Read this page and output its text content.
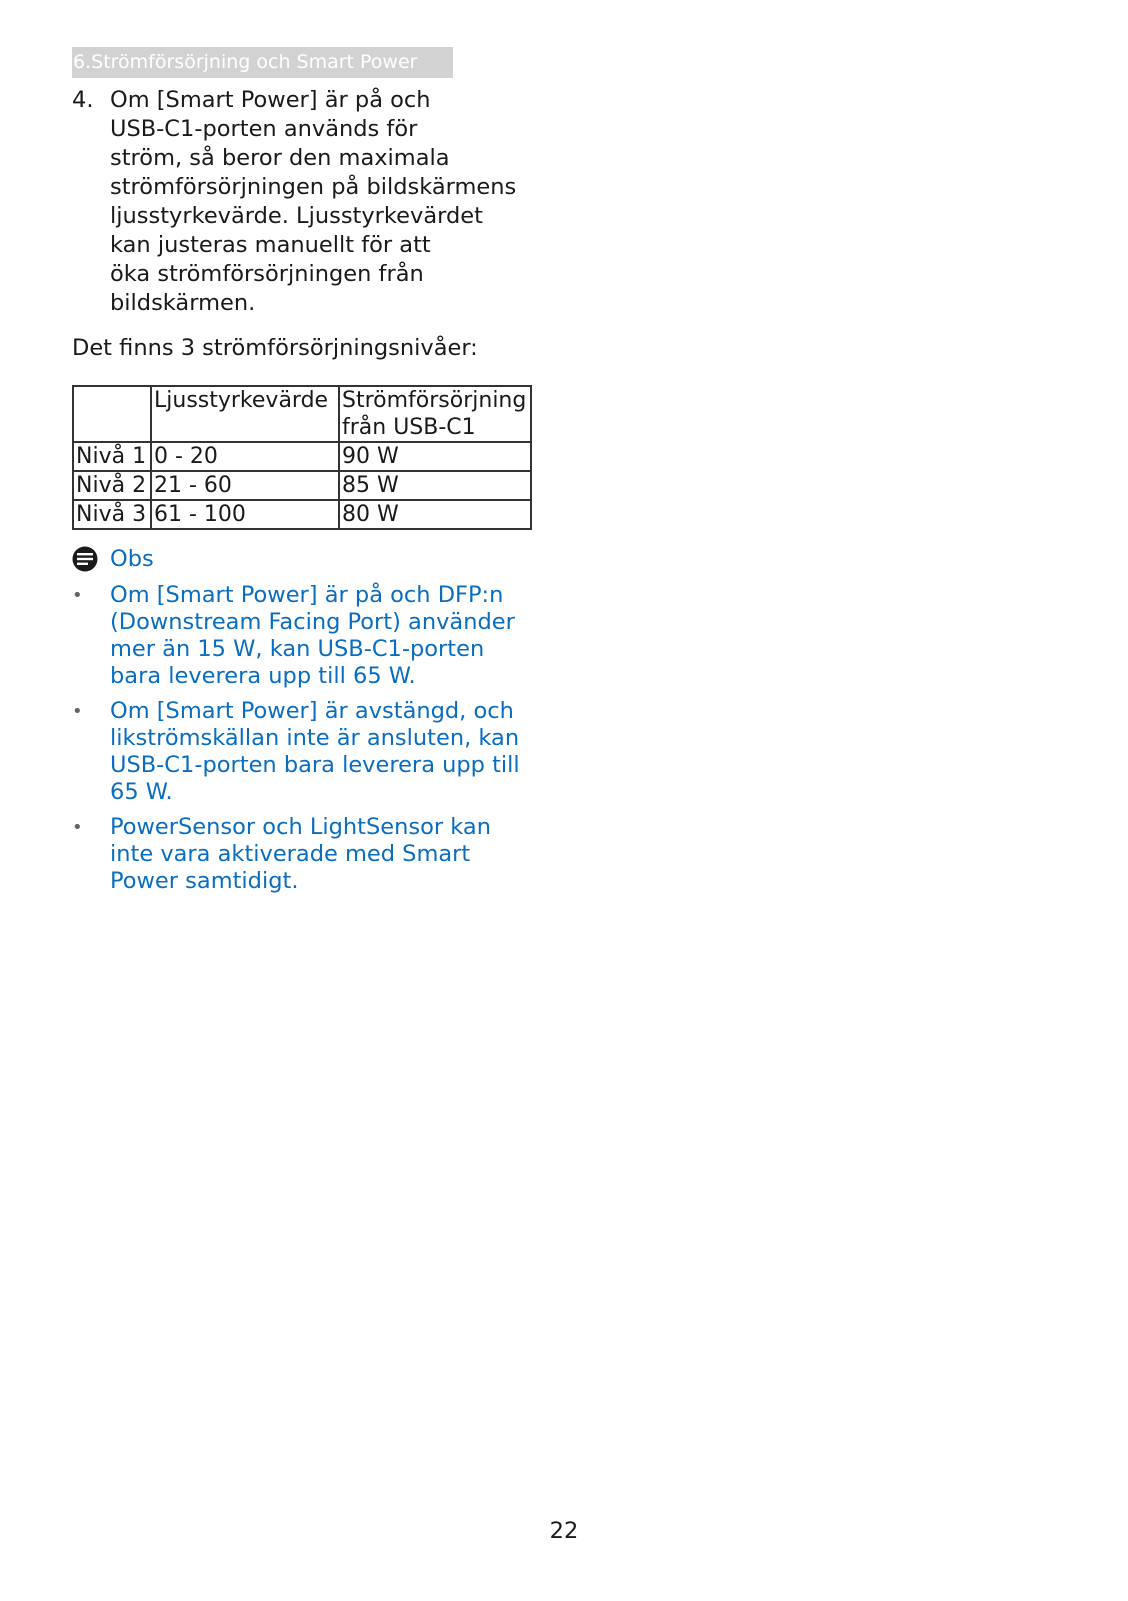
6.Strömförsörjning och Smart Power
4. Om [Smart Power] är på och
USB-C1-porten används för
ström, så beror den maximala
strömförsörjningen på bildskärmens
ljusstyrkevärde. Ljusstyrkevärdet
kan justeras manuellt för att
öka strömförsörjningen från
bildskärmen.
Det finns 3 strömförsörjningsnivåer:
	Ljusstyrkevärde	Strömförsörjning
från USB-C1

Nivå 1	0 - 20	90 W
Nivå 2	21 - 60	85 W
Nivå 3	61 - 100	80 W
Obs
• Om [Smart Power] är på och DFP:n
(Downstream Facing Port) använder
mer än 15 W, kan USB-C1-porten
bara leverera upp till 65 W.
• Om [Smart Power] är avstängd, och
likströmskällan inte är ansluten, kan
USB-C1-porten bara leverera upp till
65 W.
• PowerSensor och LightSensor kan
inte vara aktiverade med Smart
Power samtidigt.
22
